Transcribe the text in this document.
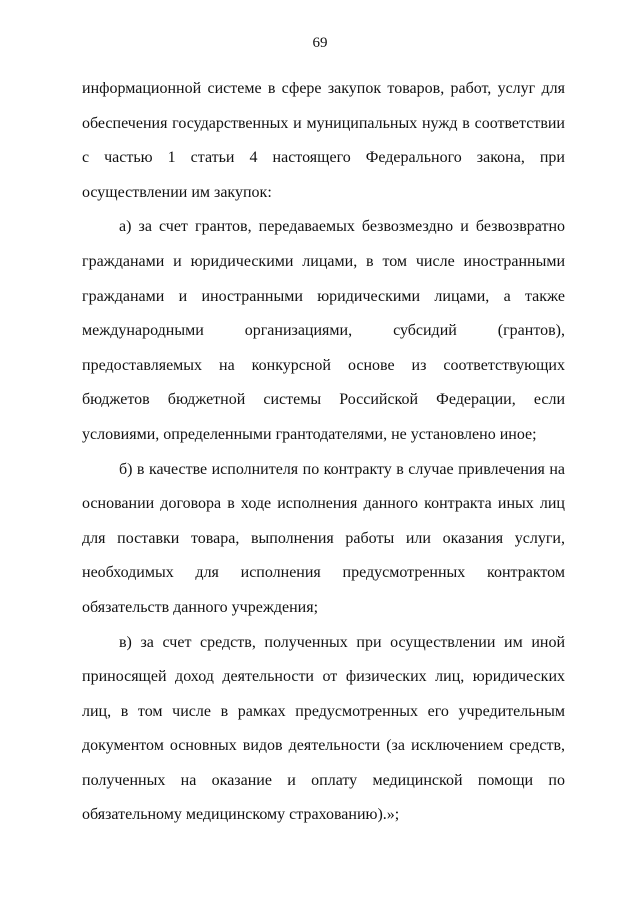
69

информационной системе в сфере закупок товаров, работ, услуг для обеспечения государственных и муниципальных нужд в соответствии с частью 1 статьи 4 настоящего Федерального закона, при осуществлении им закупок:

а) за счет грантов, передаваемых безвозмездно и безвозвратно гражданами и юридическими лицами, в том числе иностранными гражданами и иностранными юридическими лицами, а также международными организациями, субсидий (грантов), предоставляемых на конкурсной основе из соответствующих бюджетов бюджетной системы Российской Федерации, если условиями, определенными грантодателями, не установлено иное;

б) в качестве исполнителя по контракту в случае привлечения на основании договора в ходе исполнения данного контракта иных лиц для поставки товара, выполнения работы или оказания услуги, необходимых для исполнения предусмотренных контрактом обязательств данного учреждения;

в) за счет средств, полученных при осуществлении им иной приносящей доход деятельности от физических лиц, юридических лиц, в том числе в рамках предусмотренных его учредительным документом основных видов деятельности (за исключением средств, полученных на оказание и оплату медицинской помощи по обязательному медицинскому страхованию).»;
